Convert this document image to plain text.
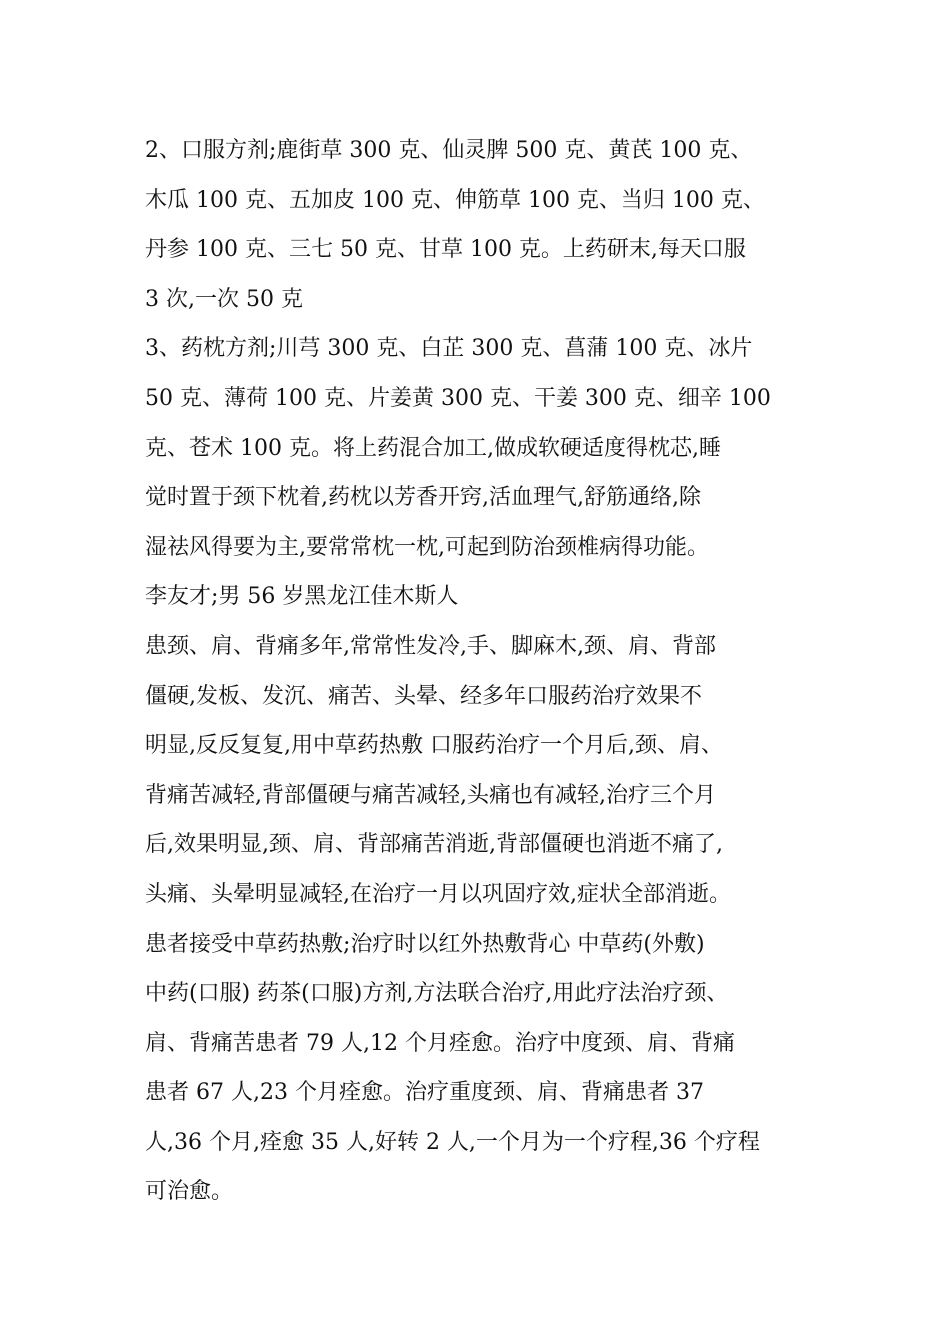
2、口服方剂;鹿街草 300 克、仙灵脾 500 克、黄芪 100 克、
木瓜 100 克、五加皮 100 克、伸筋草 100 克、当归 100 克、
丹参 100 克、三七 50 克、甘草 100 克。上药研末,每天口服
3 次,一次 50 克
3、药枕方剂;川芎 300 克、白芷 300 克、菖蒲 100 克、冰片
50 克、薄荷 100 克、片姜黄 300 克、干姜 300 克、细辛 100
克、苍术 100 克。将上药混合加工,做成软硬适度得枕芯,睡
觉时置于颈下枕着,药枕以芳香开窍,活血理气,舒筋通络,除
湿祛风得要为主,要常常枕一枕,可起到防治颈椎病得功能。
李友才;男 56 岁黑龙江佳木斯人
患颈、肩、背痛多年,常常性发冷,手、脚麻木,颈、肩、背部
僵硬,发板、发沉、痛苦、头晕、经多年口服药治疗效果不
明显,反反复复,用中草药热敷 口服药治疗一个月后,颈、肩、
背痛苦减轻,背部僵硬与痛苦减轻,头痛也有减轻,治疗三个月
后,效果明显,颈、肩、背部痛苦消逝,背部僵硬也消逝不痛了,
头痛、头晕明显减轻,在治疗一月以巩固疗效,症状全部消逝。
患者接受中草药热敷;治疗时以红外热敷背心 中草药(外敷)
中药(口服) 药茶(口服)方剂,方法联合治疗,用此疗法治疗颈、
肩、背痛苦患者 79 人,12 个月痊愈。治疗中度颈、肩、背痛
患者 67 人,23 个月痊愈。治疗重度颈、肩、背痛患者 37
人,36 个月,痊愈 35 人,好转 2 人,一个月为一个疗程,36 个疗程
可治愈。
